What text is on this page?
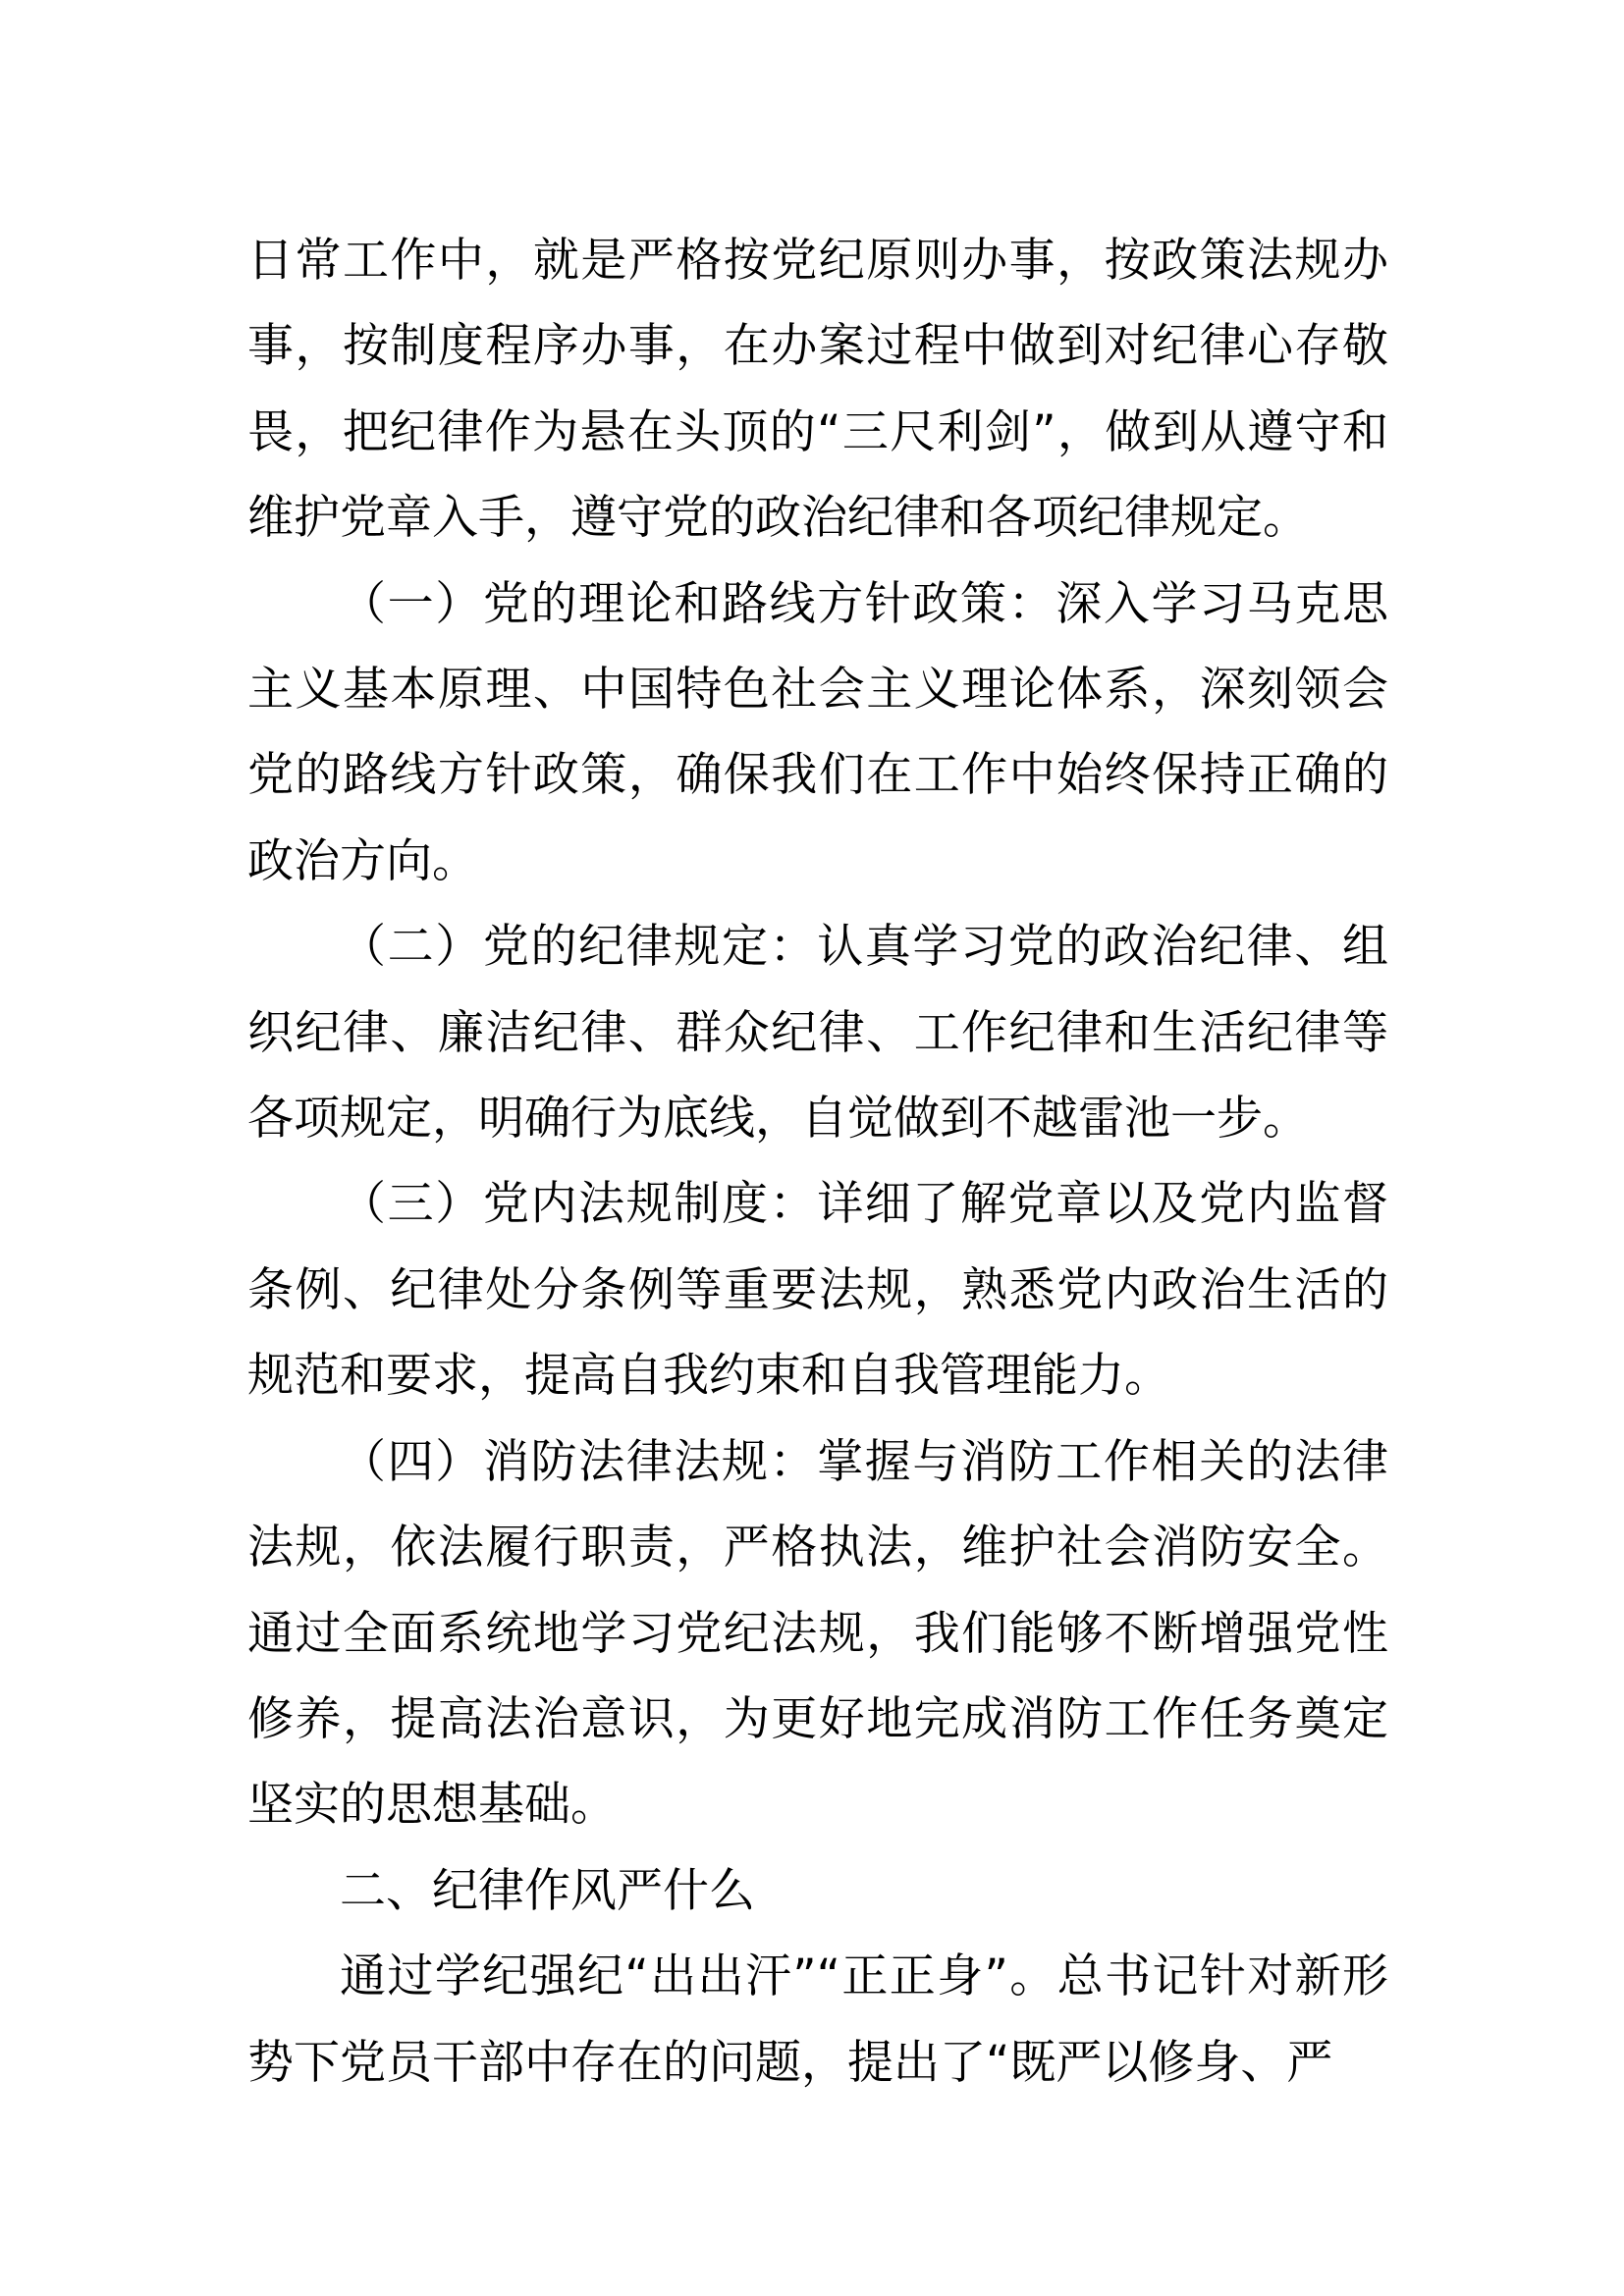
日常工作中，就是严格按党纪原则办事，按政策法规办事，按制度程序办事，在办案过程中做到对纪律心存敬畏，把纪律作为悬在头顶的“三尺利剑”，做到从遵守和维护党章入手，遵守党的政治纪律和各项纪律规定。

（一）党的理论和路线方针政策：深入学习马克思主义基本原理、中国特色社会主义理论体系，深刻领会党的路线方针政策，确保我们在工作中始终保持正确的政治方向。

（二）党的纪律规定：认真学习党的政治纪律、组织纪律、廉洁纪律、群众纪律、工作纪律和生活纪律等各项规定，明确行为底线，自觉做到不越雷池一步。

（三）党内法规制度：详细了解党章以及党内监督条例、纪律处分条例等重要法规，熟悉党内政治生活的规范和要求，提高自我约束和自我管理能力。

（四）消防法律法规：掌握与消防工作相关的法律法规，依法履行职责，严格执法，维护社会消防安全。通过全面系统地学习党纪法规，我们能够不断增强党性修养，提高法治意识，为更好地完成消防工作任务奠定坚实的思想基础。

二、纪律作风严什么

通过学纪强纪“出出汗”“正正身”。总书记针对新形势下党员干部中存在的问题，提出了“既严以修身、严
